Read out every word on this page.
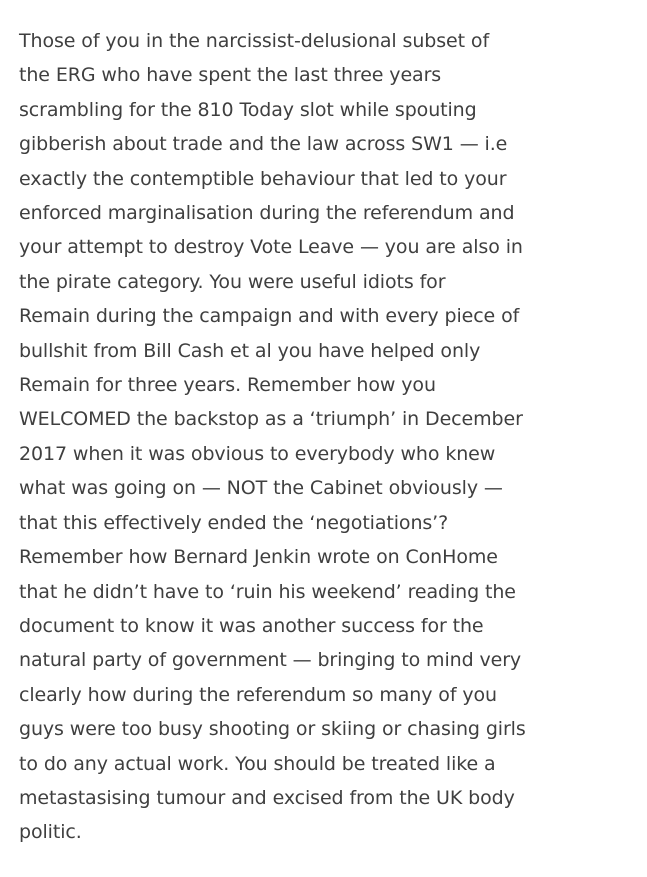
Those of you in the narcissist-delusional subset of
the ERG who have spent the last three years
scrambling for the 810 Today slot while spouting
gibberish about trade and the law across SW1 — i.e
exactly the contemptible behaviour that led to your
enforced marginalisation during the referendum and
your attempt to destroy Vote Leave — you are also in
the pirate category. You were useful idiots for
Remain during the campaign and with every piece of
bullshit from Bill Cash et al you have helped only
Remain for three years. Remember how you
WELCOMED the backstop as a ‘triumph’ in December
2017 when it was obvious to everybody who knew
what was going on — NOT the Cabinet obviously —
that this effectively ended the ‘negotiations’?
Remember how Bernard Jenkin wrote on ConHome
that he didn’t have to ‘ruin his weekend’ reading the
document to know it was another success for the
natural party of government — bringing to mind very
clearly how during the referendum so many of you
guys were too busy shooting or skiing or chasing girls
to do any actual work. You should be treated like a
metastasising tumour and excised from the UK body
politic.
